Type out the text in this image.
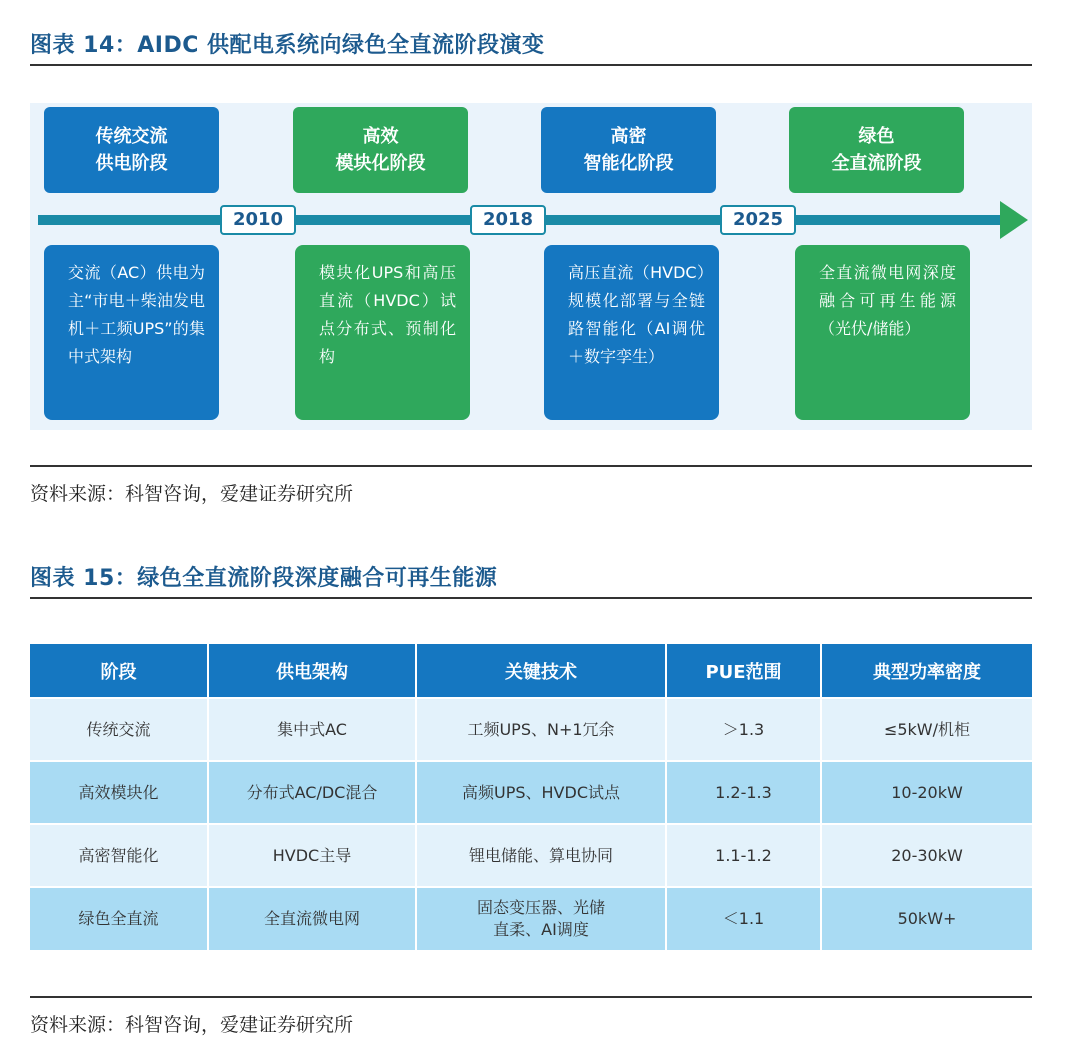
图表 14：AIDC 供配电系统向绿色全直流阶段演变
传统交流
供电阶段
高效
模块化阶段
高密
智能化阶段
绿色
全直流阶段
2010	2018	2025
交流（AC）供电为主“市电＋柴油发电机＋工频UPS”的集中式架构
模块化UPS和高压直流（HVDC）试点分布式、预制化构
高压直流（HVDC）规模化部署与全链路智能化（AI调优＋数字孪生）
全直流微电网深度融合可再生能源（光伏/储能）
资料来源：科智咨询，爱建证券研究所
图表 15：绿色全直流阶段深度融合可再生能源
阶段	供电架构	关键技术	PUE范围	典型功率密度
传统交流	集中式AC	工频UPS、N+1冗余	＞1.3	≤5kW/机柜
高效模块化	分布式AC/DC混合	高频UPS、HVDC试点	1.2-1.3	10-20kW
高密智能化	HVDC主导	锂电储能、算电协同	1.1-1.2	20-30kW
绿色全直流	全直流微电网	固态变压器、光储直柔、AI调度	＜1.1	50kW+
资料来源：科智咨询，爱建证券研究所
